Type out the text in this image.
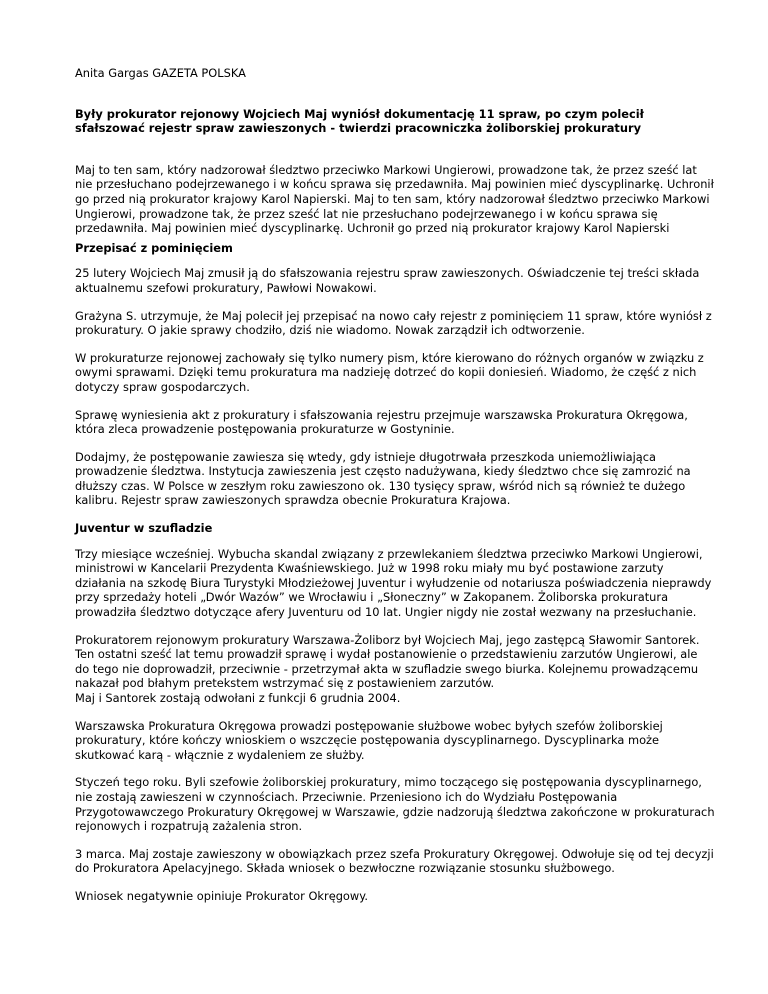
Anita Gargas GAZETA POLSKA
Były prokurator rejonowy Wojciech Maj wyniósł dokumentację 11 spraw, po czym polecił sfałszować rejestr spraw zawieszonych - twierdzi pracowniczka żoliborskiej prokuratury

Maj to ten sam, który nadzorował śledztwo przeciwko Markowi Ungierowi, prowadzone tak, że przez sześć lat nie przesłuchano podejrzewanego i w końcu sprawa się przedawniła. Maj powinien mieć dyscyplinarkę. Uchronił go przed nią prokurator krajowy Karol Napierski. Maj to ten sam, który nadzorował śledztwo przeciwko Markowi Ungierowi, prowadzone tak, że przez sześć lat nie przesłuchano podejrzewanego i w końcu sprawa się przedawniła. Maj powinien mieć dyscyplinarkę. Uchronił go przed nią prokurator krajowy Karol Napierski

Przepisać z pominięciem

25 lutery Wojciech Maj zmusił ją do sfałszowania rejestru spraw zawieszonych. Oświadczenie tej treści składa aktualnemu szefowi prokuratury, Pawłowi Nowakowi.

Grażyna S. utrzymuje, że Maj polecił jej przepisać na nowo cały rejestr z pominięciem 11 spraw, które wyniósł z prokuratury. O jakie sprawy chodziło, dziś nie wiadomo. Nowak zarządził ich odtworzenie.

W prokuraturze rejonowej zachowały się tylko numery pism, które kierowano do różnych organów w związku z owymi sprawami. Dzięki temu prokuratura ma nadzieję dotrzeć do kopii doniesień. Wiadomo, że część z nich dotyczy spraw gospodarczych.

Sprawę wyniesienia akt z prokuratury i sfałszowania rejestru przejmuje warszawska Prokuratura Okręgowa, która zleca prowadzenie postępowania prokuraturze w Gostyninie.

Dodajmy, że postępowanie zawiesza się wtedy, gdy istnieje długotrwała przeszkoda uniemożliwiająca prowadzenie śledztwa. Instytucja zawieszenia jest często nadużywana, kiedy śledztwo chce się zamrozić na dłuższy czas. W Polsce w zeszłym roku zawieszono ok. 130 tysięcy spraw, wśród nich są również te dużego kalibru. Rejestr spraw zawieszonych sprawdza obecnie Prokuratura Krajowa.

Juventur w szufladzie

Trzy miesiące wcześniej. Wybucha skandal związany z przewlekaniem śledztwa przeciwko Markowi Ungierowi, ministrowi w Kancelarii Prezydenta Kwaśniewskiego. Już w 1998 roku miały mu być postawione zarzuty działania na szkodę Biura Turystyki Młodzieżowej Juventur i wyłudzenie od notariusza poświadczenia nieprawdy przy sprzedaży hoteli „Dwór Wazów” we Wrocławiu i „Słoneczny” w Zakopanem. Żoliborska prokuratura prowadziła śledztwo dotyczące afery Juventuru od 10 lat. Ungier nigdy nie został wezwany na przesłuchanie.

Prokuratorem rejonowym prokuratury Warszawa-Żoliborz był Wojciech Maj, jego zastępcą Sławomir Santorek. Ten ostatni sześć lat temu prowadził sprawę i wydał postanowienie o przedstawieniu zarzutów Ungierowi, ale do tego nie doprowadził, przeciwnie - przetrzymał akta w szufladzie swego biurka. Kolejnemu prowadzącemu nakazał pod błahym pretekstem wstrzymać się z postawieniem zarzutów.
Maj i Santorek zostają odwołani z funkcji 6 grudnia 2004.

Warszawska Prokuratura Okręgowa prowadzi postępowanie służbowe wobec byłych szefów żoliborskiej prokuratury, które kończy wnioskiem o wszczęcie postępowania dyscyplinarnego. Dyscyplinarka może skutkować karą - włącznie z wydaleniem ze służby.

Styczeń tego roku. Byli szefowie żoliborskiej prokuratury, mimo toczącego się postępowania dyscyplinarnego, nie zostają zawieszeni w czynnościach. Przeciwnie. Przeniesiono ich do Wydziału Postępowania Przygotowawczego Prokuratury Okręgowej w Warszawie, gdzie nadzorują śledztwa zakończone w prokuraturach rejonowych i rozpatrują zażalenia stron.

3 marca. Maj zostaje zawieszony w obowiązkach przez szefa Prokuratury Okręgowej. Odwołuje się od tej decyzji do Prokuratora Apelacyjnego. Składa wniosek o bezwłoczne rozwiązanie stosunku służbowego.

Wniosek negatywnie opiniuje Prokurator Okręgowy.
